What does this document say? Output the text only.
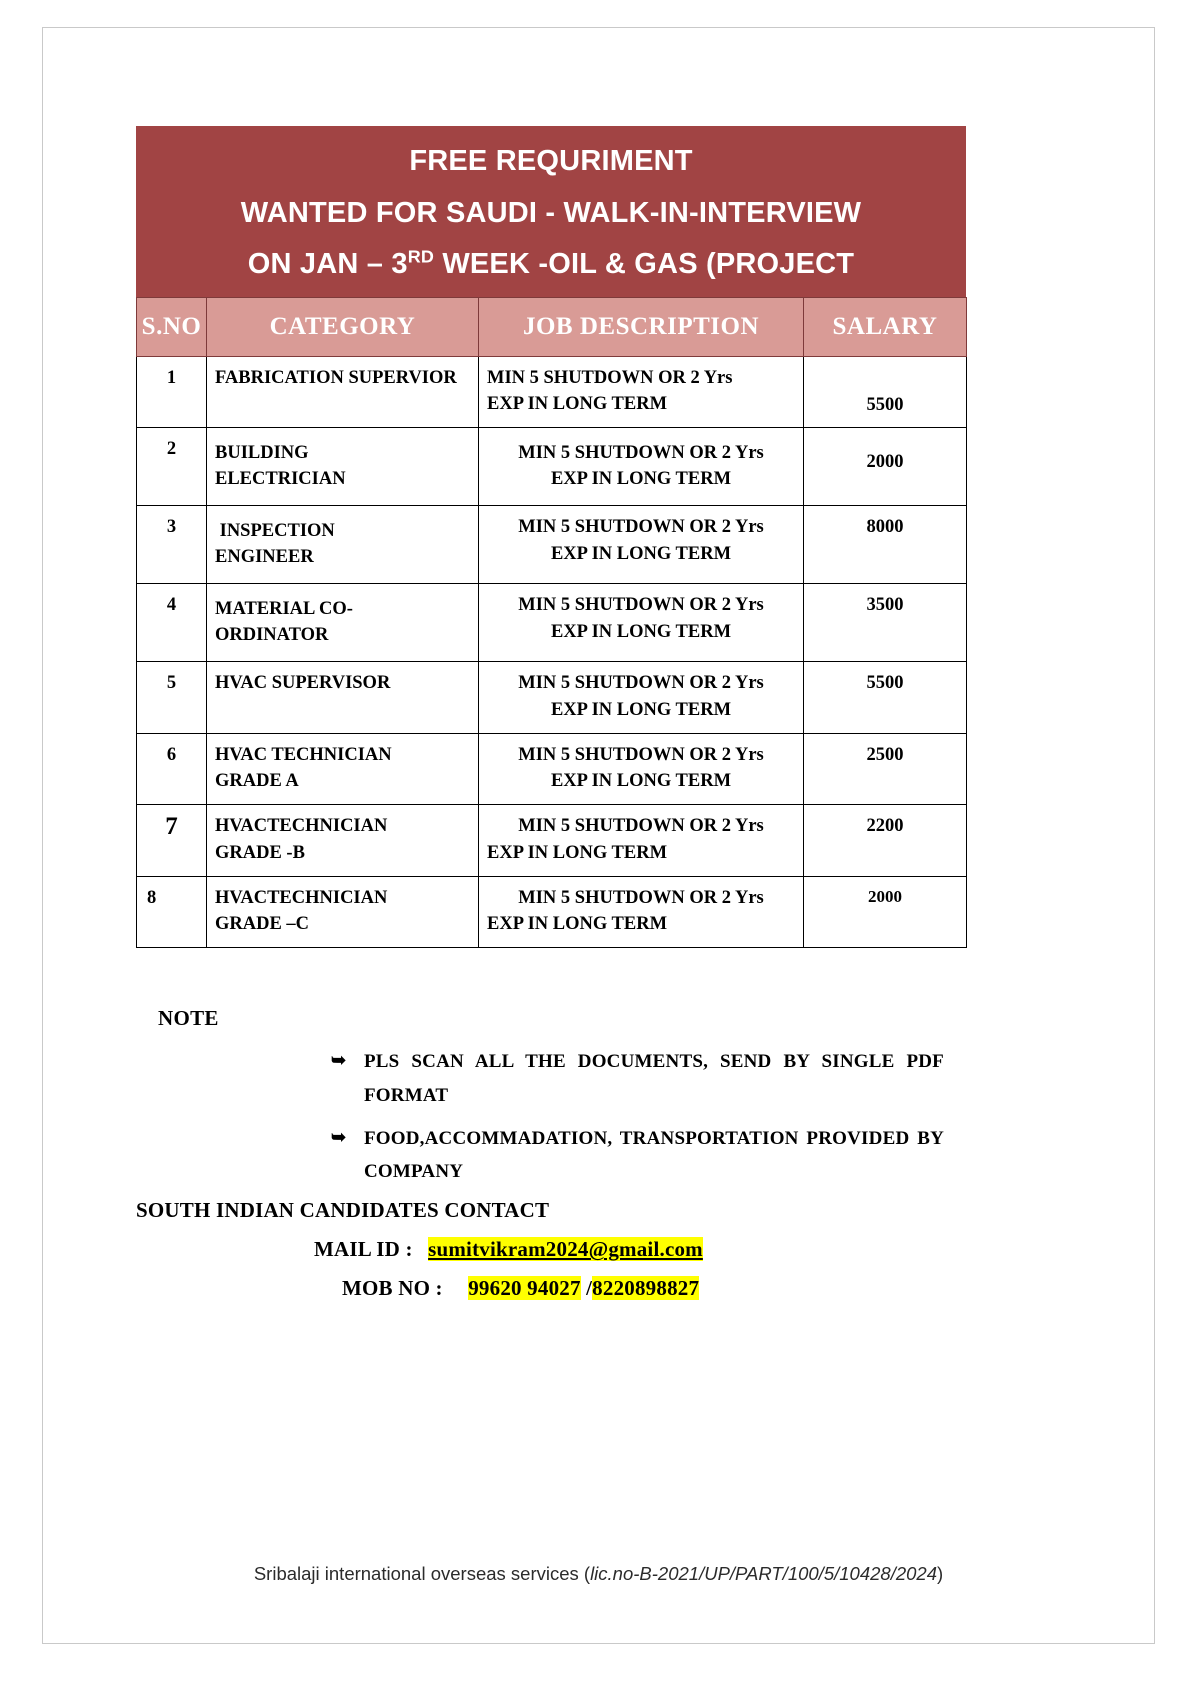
FREE REQURIMENT
WANTED FOR SAUDI - WALK-IN-INTERVIEW
ON JAN – 3RD WEEK -OIL & GAS (PROJECT
S.NO	CATEGORY	JOB DESCRIPTION	SALARY
1	FABRICATION SUPERVIOR	MIN 5 SHUTDOWN OR 2 Yrs
EXP IN LONG TERM	5500
2	BUILDING
ELECTRICIAN	MIN 5 SHUTDOWN OR 2 Yrs
EXP IN LONG TERM	2000
3	INSPECTION
ENGINEER	MIN 5 SHUTDOWN OR 2 Yrs
EXP IN LONG TERM	8000
4	MATERIAL CO-
ORDINATOR	MIN 5 SHUTDOWN OR 2 Yrs
EXP IN LONG TERM	3500
5	HVAC SUPERVISOR	MIN 5 SHUTDOWN OR 2 Yrs
EXP IN LONG TERM	5500
6	HVAC TECHNICIAN
GRADE A	MIN 5 SHUTDOWN OR 2 Yrs
EXP IN LONG TERM	2500
7	HVACTECHNICIAN
GRADE -B	MIN 5 SHUTDOWN OR 2 Yrs
EXP IN LONG TERM	2200
8	HVACTECHNICIAN
GRADE –C	MIN 5 SHUTDOWN OR 2 Yrs
EXP IN LONG TERM	2000
NOTE
➥ PLS SCAN ALL THE DOCUMENTS, SEND BY SINGLE PDF FORMAT
➥ FOOD,ACCOMMADATION, TRANSPORTATION PROVIDED BY COMPANY
SOUTH INDIAN CANDIDATES CONTACT
MAIL ID : sumitvikram2024@gmail.com
MOB NO : 99620 94027 /8220898827
Sribalaji international overseas services (lic.no-B-2021/UP/PART/100/5/10428/2024)
